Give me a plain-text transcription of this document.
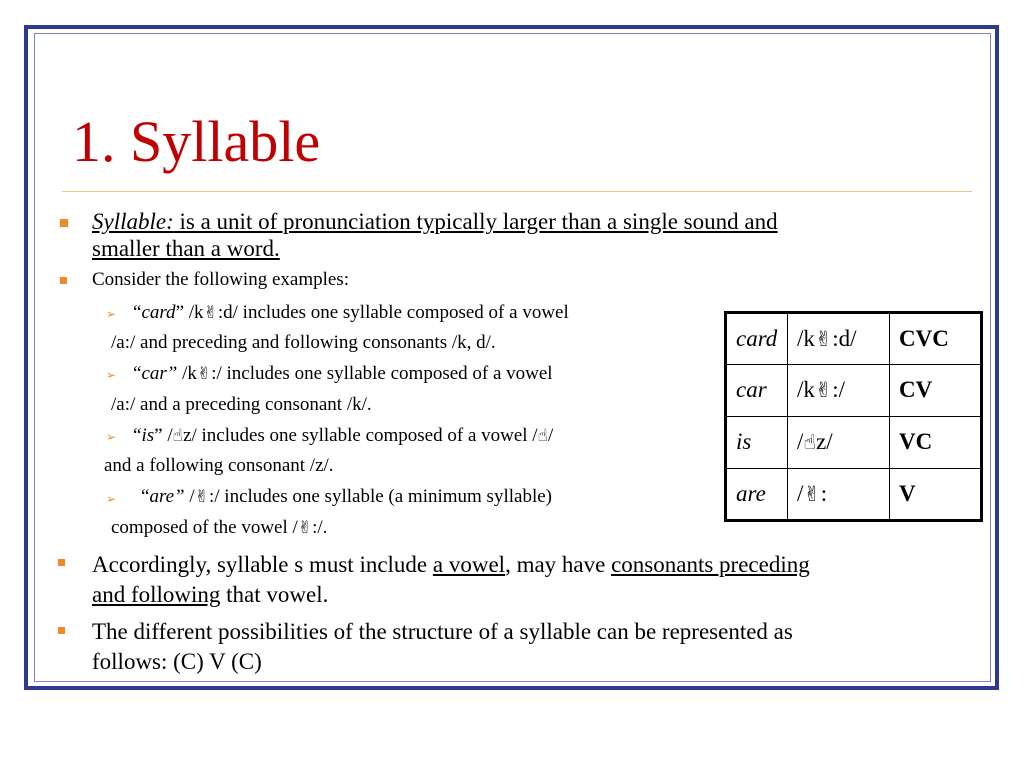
1. Syllable
Syllable: is a unit of pronunciation typically larger than a single sound and
smaller than a word.
Consider the following examples:
➢ “card” /k✌:d/ includes one syllable composed of a vowel
/a:/ and preceding and following consonants /k, d/.
➢ “car” /k✌:/ includes one syllable composed of a vowel
/a:/ and a preceding consonant /k/.
➢ “is” /☝z/ includes one syllable composed of a vowel /☝/
and a following consonant /z/.
➢ “are” /✌:/ includes one syllable (a minimum syllable)
composed of the vowel /✌:/.
Accordingly, syllable s must include a vowel, may have consonants preceding
and following that vowel.
The different possibilities of the structure of a syllable can be represented as
follows: (C) V (C)
card	/k✌:d/	CVC
car	/k✌:/	CV
is	/☝z/	VC
are	/✌:	V
